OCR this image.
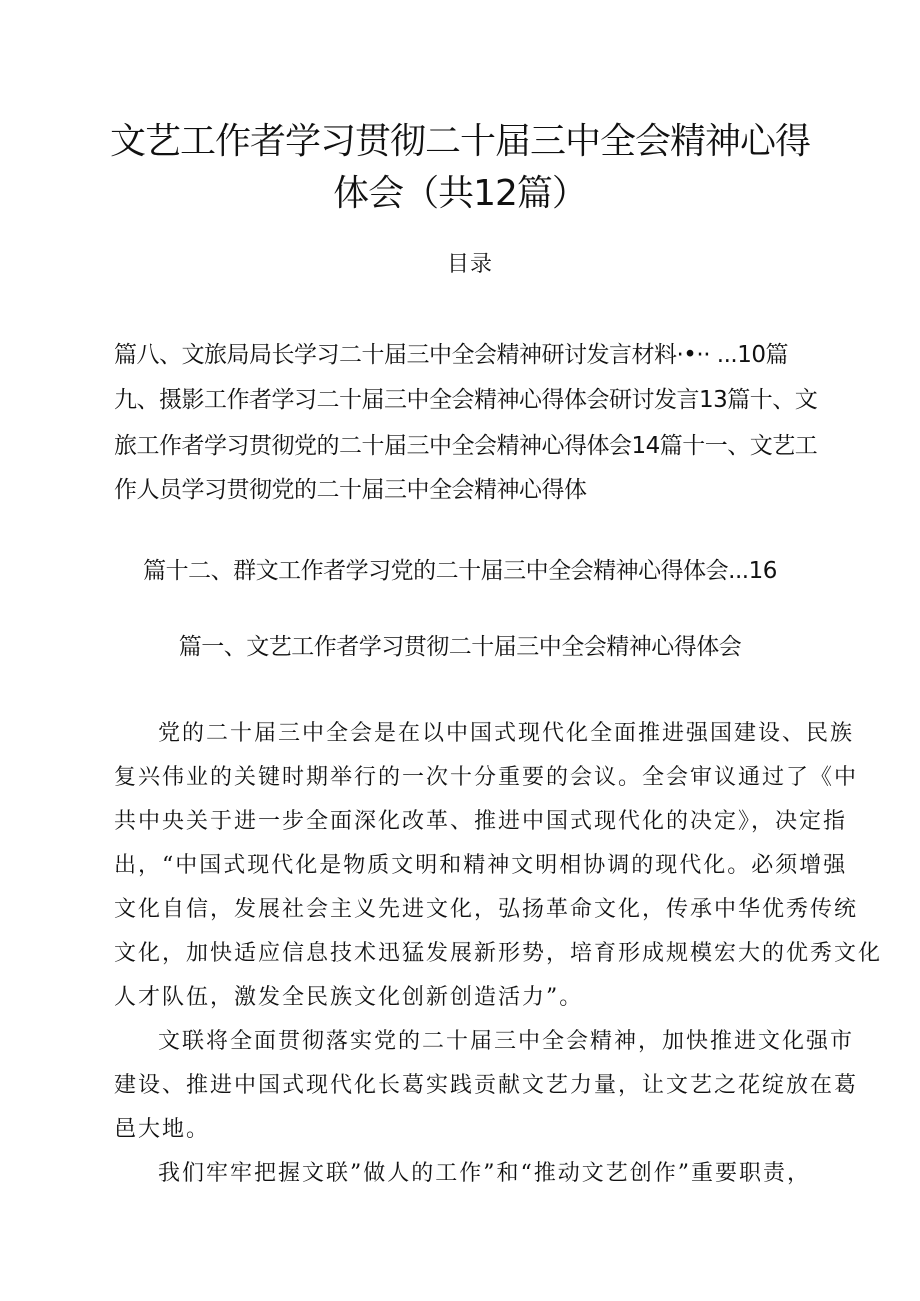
文艺工作者学习贯彻二十届三中全会精神心得
体会（共12篇）
目录
篇八、文旅局局长学习二十届三中全会精神研讨发言材料·•·· ...10篇
九、摄影工作者学习二十届三中全会精神心得体会研讨发言13篇十、文
旅工作者学习贯彻党的二十届三中全会精神心得体会14篇十一、文艺工
作人员学习贯彻党的二十届三中全会精神心得体
篇十二、群文工作者学习党的二十届三中全会精神心得体会...16
篇一、文艺工作者学习贯彻二十届三中全会精神心得体会
党的二十届三中全会是在以中国式现代化全面推进强国建设、民族
复兴伟业的关键时期举行的一次十分重要的会议。全会审议通过了《中
共中央关于进一步全面深化改革、推进中国式现代化的决定》，决定指
出，“中国式现代化是物质文明和精神文明相协调的现代化。必须增强
文化自信，发展社会主义先进文化，弘扬革命文化，传承中华优秀传统
文化，加快适应信息技术迅猛发展新形势，培育形成规模宏大的优秀文化
人才队伍，激发全民族文化创新创造活力”。
文联将全面贯彻落实党的二十届三中全会精神，加快推进文化强市
建设、推进中国式现代化长葛实践贡献文艺力量，让文艺之花绽放在葛
邑大地。
我们牢牢把握文联”做人的工作”和“推动文艺创作”重要职责，
